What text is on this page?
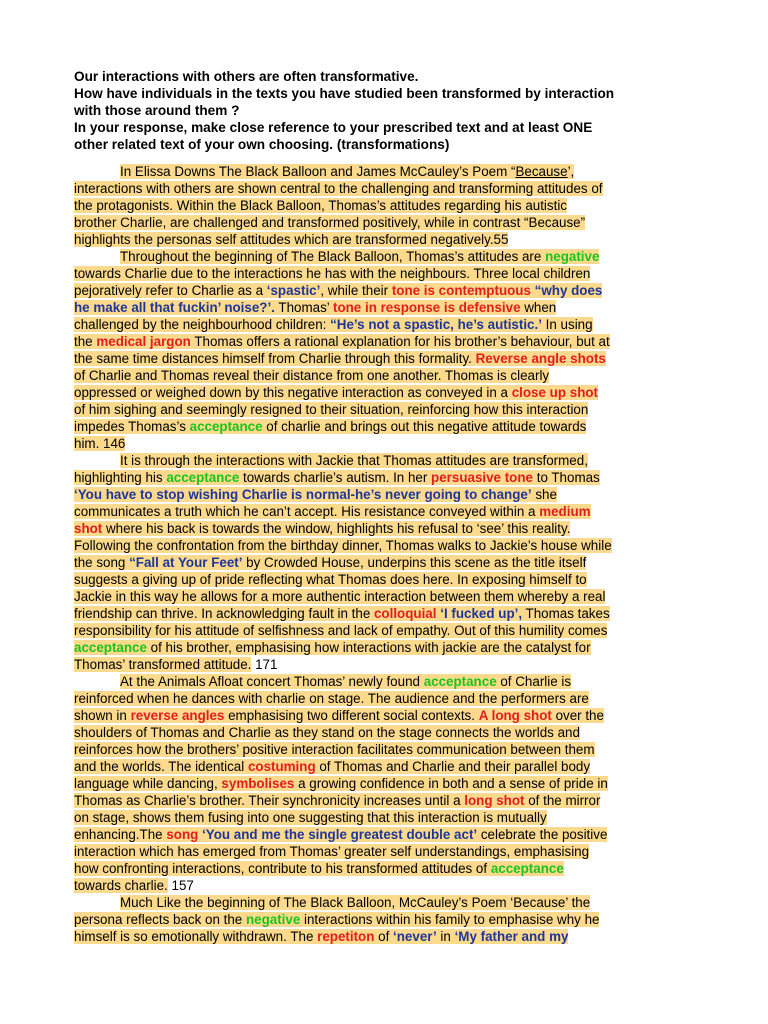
Our interactions with others are often transformative.
How have individuals in the texts you have studied been transformed by interaction
with those around them ?
In your response, make close reference to your prescribed text and at least ONE
other related text of your own choosing. (transformations)
In Elissa Downs The Black Balloon and James McCauley’s Poem “Because’,
interactions with others are shown central to the challenging and transforming attitudes of
the protagonists. Within the Black Balloon, Thomas’s attitudes regarding his autistic
brother Charlie, are challenged and transformed positively, while in contrast “Because”
highlights the personas self attitudes which are transformed negatively.55
Throughout the beginning of The Black Balloon, Thomas’s attitudes are negative
towards Charlie due to the interactions he has with the neighbours. Three local children
pejoratively refer to Charlie as a ‘spastic’, while their tone is contemptuous “why does
he make all that fuckin’ noise?’. Thomas’ tone in response is defensive when
challenged by the neighbourhood children: “He’s not a spastic, he’s autistic.’ In using
the medical jargon Thomas offers a rational explanation for his brother’s behaviour, but at
the same time distances himself from Charlie through this formality. Reverse angle shots
of Charlie and Thomas reveal their distance from one another. Thomas is clearly
oppressed or weighed down by this negative interaction as conveyed in a close up shot
of him sighing and seemingly resigned to their situation, reinforcing how this interaction
impedes Thomas’s acceptance of charlie and brings out this negative attitude towards
him. 146
It is through the interactions with Jackie that Thomas attitudes are transformed,
highlighting his acceptance towards charlie’s autism. In her persuasive tone to Thomas
‘You have to stop wishing Charlie is normal-he’s never going to change’ she
communicates a truth which he can’t accept. His resistance conveyed within a medium
shot where his back is towards the window, highlights his refusal to ‘see’ this reality.
Following the confrontation from the birthday dinner, Thomas walks to Jackie’s house while
the song “Fall at Your Feet’ by Crowded House, underpins this scene as the title itself
suggests a giving up of pride reflecting what Thomas does here. In exposing himself to
Jackie in this way he allows for a more authentic interaction between them whereby a real
friendship can thrive. In acknowledging fault in the colloquial ‘I fucked up’, Thomas takes
responsibility for his attitude of selfishness and lack of empathy. Out of this humility comes
acceptance of his brother, emphasising how interactions with jackie are the catalyst for
Thomas’ transformed attitude. 171
At the Animals Afloat concert Thomas’ newly found acceptance of Charlie is
reinforced when he dances with charlie on stage. The audience and the performers are
shown in reverse angles emphasising two different social contexts. A long shot over the
shoulders of Thomas and Charlie as they stand on the stage connects the worlds and
reinforces how the brothers’ positive interaction facilitates communication between them
and the worlds. The identical costuming of Thomas and Charlie and their parallel body
language while dancing, symbolises a growing confidence in both and a sense of pride in
Thomas as Charlie’s brother. Their synchronicity increases until a long shot of the mirror
on stage, shows them fusing into one suggesting that this interaction is mutually
enhancing.The song ‘You and me the single greatest double act’ celebrate the positive
interaction which has emerged from Thomas’ greater self understandings, emphasising
how confronting interactions, contribute to his transformed attitudes of acceptance
towards charlie. 157
Much Like the beginning of The Black Balloon, McCauley’s Poem ‘Because’ the
persona reflects back on the negative interactions within his family to emphasise why he
himself is so emotionally withdrawn. The repetiton of ‘never’ in ‘My father and my
